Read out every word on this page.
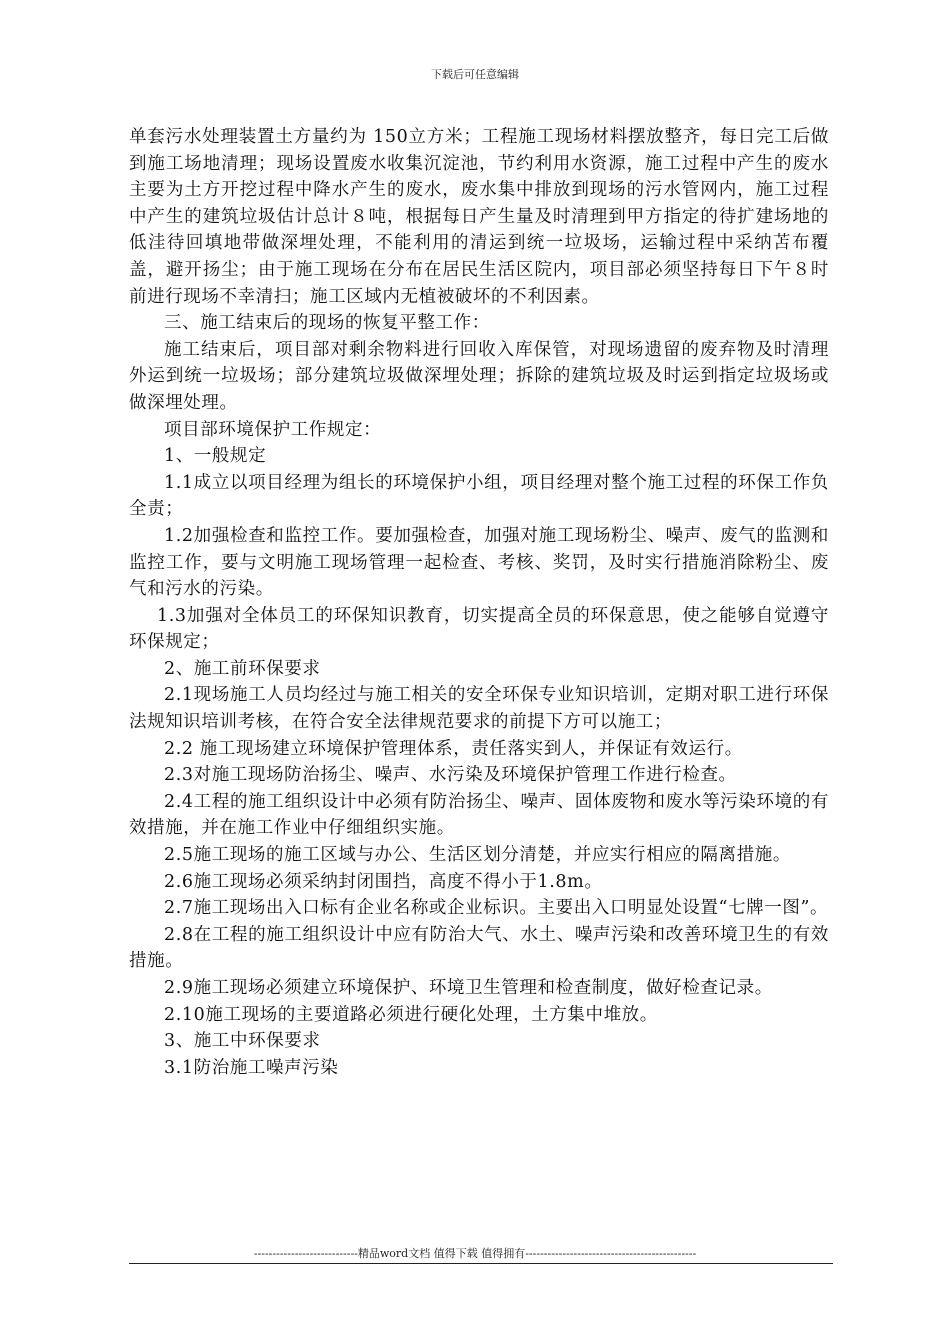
下载后可任意编辑

单套污水处理装置土方量约为 150立方米；工程施工现场材料摆放整齐，每日完工后做到施工场地清理；现场设置废水收集沉淀池，节约利用水资源，施工过程中产生的废水主要为土方开挖过程中降水产生的废水，废水集中排放到现场的污水管网内，施工过程中产生的建筑垃圾估计总计８吨，根据每日产生量及时清理到甲方指定的待扩建场地的低洼待回填地带做深埋处理，不能利用的清运到统一垃圾场，运输过程中采纳苫布覆盖，避开扬尘；由于施工现场在分布在居民生活区院内，项目部必须坚持每日下午８时前进行现场不幸清扫；施工区域内无植被破坏的不利因素。

三、施工结束后的现场的恢复平整工作：

施工结束后，项目部对剩余物料进行回收入库保管，对现场遗留的废弃物及时清理外运到统一垃圾场；部分建筑垃圾做深埋处理；拆除的建筑垃圾及时运到指定垃圾场或做深埋处理。

项目部环境保护工作规定：

1、一般规定

1.1成立以项目经理为组长的环境保护小组，项目经理对整个施工过程的环保工作负全责；

1.2加强检查和监控工作。要加强检查，加强对施工现场粉尘、噪声、废气的监测和监控工作，要与文明施工现场管理一起检查、考核、奖罚，及时实行措施消除粉尘、废气和污水的污染。

1.3加强对全体员工的环保知识教育，切实提高全员的环保意思，使之能够自觉遵守环保规定；

2、施工前环保要求

2.1现场施工人员均经过与施工相关的安全环保专业知识培训，定期对职工进行环保法规知识培训考核，在符合安全法律规范要求的前提下方可以施工；

2.2 施工现场建立环境保护管理体系，责任落实到人，并保证有效运行。

2.3对施工现场防治扬尘、噪声、水污染及环境保护管理工作进行检查。

2.4工程的施工组织设计中必须有防治扬尘、噪声、固体废物和废水等污染环境的有效措施，并在施工作业中仔细组织实施。

2.5施工现场的施工区域与办公、生活区划分清楚，并应实行相应的隔离措施。

2.6施工现场必须采纳封闭围挡，高度不得小于1.8m。

2.7施工现场出入口标有企业名称或企业标识。主要出入口明显处设置“七牌一图”。

2.8在工程的施工组织设计中应有防治大气、水土、噪声污染和改善环境卫生的有效措施。

2.9施工现场必须建立环境保护、环境卫生管理和检查制度，做好检查记录。

2.10施工现场的主要道路必须进行硬化处理，土方集中堆放。

3、施工中环保要求

3.1防治施工噪声污染

----------------------------精品word文档 值得下载 值得拥有----------------------------------------------
